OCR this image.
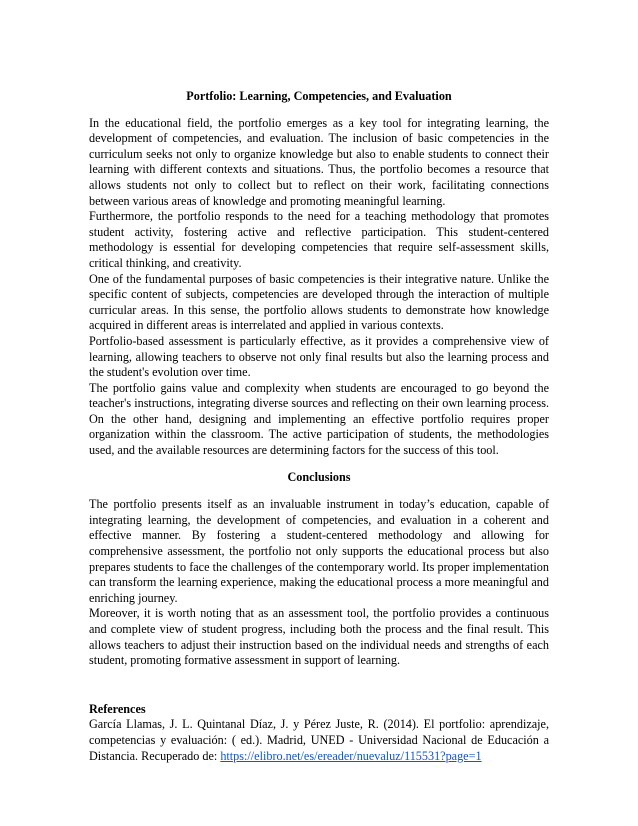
Portfolio: Learning, Competencies, and Evaluation

In the educational field, the portfolio emerges as a key tool for integrating learning, the development of competencies, and evaluation. The inclusion of basic competencies in the curriculum seeks not only to organize knowledge but also to enable students to connect their learning with different contexts and situations. Thus, the portfolio becomes a resource that allows students not only to collect but to reflect on their work, facilitating connections between various areas of knowledge and promoting meaningful learning.

Furthermore, the portfolio responds to the need for a teaching methodology that promotes student activity, fostering active and reflective participation. This student-centered methodology is essential for developing competencies that require self-assessment skills, critical thinking, and creativity.

One of the fundamental purposes of basic competencies is their integrative nature. Unlike the specific content of subjects, competencies are developed through the interaction of multiple curricular areas. In this sense, the portfolio allows students to demonstrate how knowledge acquired in different areas is interrelated and applied in various contexts.

Portfolio-based assessment is particularly effective, as it provides a comprehensive view of learning, allowing teachers to observe not only final results but also the learning process and the student's evolution over time.

The portfolio gains value and complexity when students are encouraged to go beyond the teacher's instructions, integrating diverse sources and reflecting on their own learning process. On the other hand, designing and implementing an effective portfolio requires proper organization within the classroom. The active participation of students, the methodologies used, and the available resources are determining factors for the success of this tool.

Conclusions

The portfolio presents itself as an invaluable instrument in today’s education, capable of integrating learning, the development of competencies, and evaluation in a coherent and effective manner. By fostering a student-centered methodology and allowing for comprehensive assessment, the portfolio not only supports the educational process but also prepares students to face the challenges of the contemporary world. Its proper implementation can transform the learning experience, making the educational process a more meaningful and enriching journey.

Moreover, it is worth noting that as an assessment tool, the portfolio provides a continuous and complete view of student progress, including both the process and the final result. This allows teachers to adjust their instruction based on the individual needs and strengths of each student, promoting formative assessment in support of learning.

References

García Llamas, J. L. Quintanal Díaz, J. y Pérez Juste, R. (2014). El portfolio: aprendizaje, competencias y evaluación: ( ed.). Madrid, UNED - Universidad Nacional de Educación a Distancia. Recuperado de: https://elibro.net/es/ereader/nuevaluz/115531?page=1
